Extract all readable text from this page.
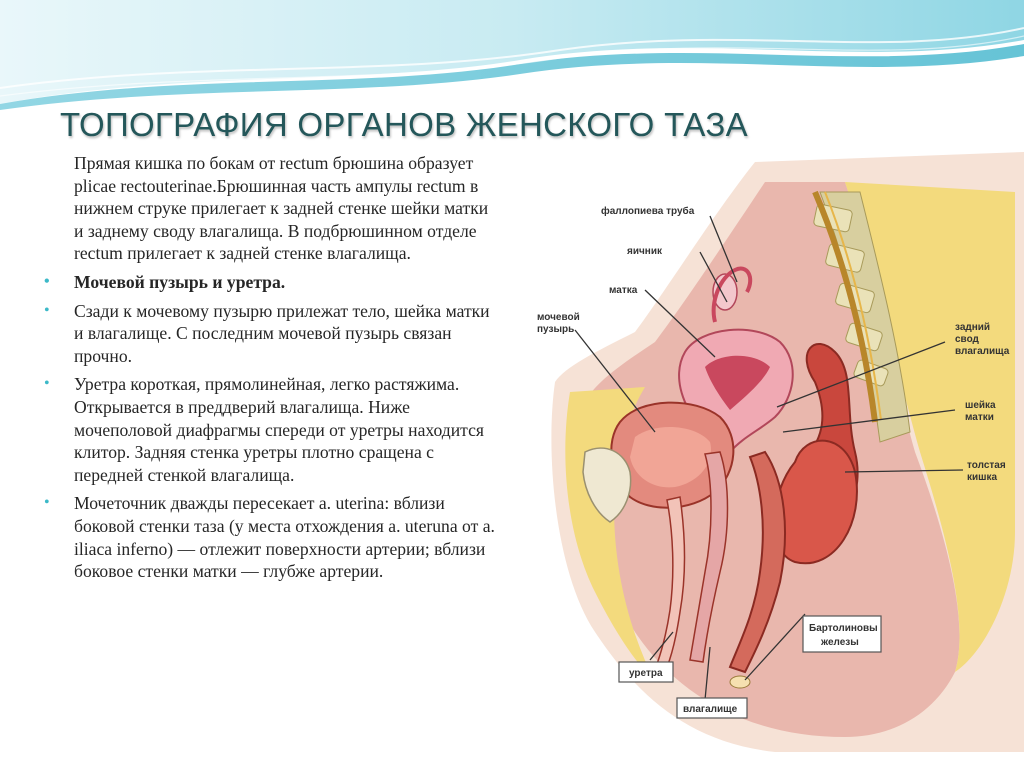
ТОПОГРАФИЯ ОРГАНОВ ЖЕНСКОГО ТАЗА

Прямая кишка по бокам от rectum брюшина образует plicae rectouterinae.Брюшинная часть ампулы rectum в нижнем струке прилегает к задней стенке шейки матки и заднему своду влагалища. В подбрюшинном отделе rectum прилегает к задней стенке влагалища.

• Мочевой пузырь и уретра.
• Сзади к мочевому пузырю прилежат тело, шейка матки и влагалище. С последним мочевой пузырь связан прочно.
• Уретра короткая, прямолинейная, легко растяжима. Открывается в преддверий влагалища. Ниже мочеполовой диафрагмы спереди от уретры находится клитор. Задняя стенка уретры плотно сращена с передней стенкой влагалища.
• Мочеточник дважды пересекает a. uterina: вблизи боковой стенки таза (у места отхождения a. uteruna от a. iliaca inferno) — отлежит поверхности артерии; вблизи боковое стенки матки — глубже артерии.
фаллопиева труба
яичник
матка
мочевой
пузырь	задний
свод
влагалища
шейка
матки
толстая
кишка
Бартолиновы
железы
уретра
влагалище
